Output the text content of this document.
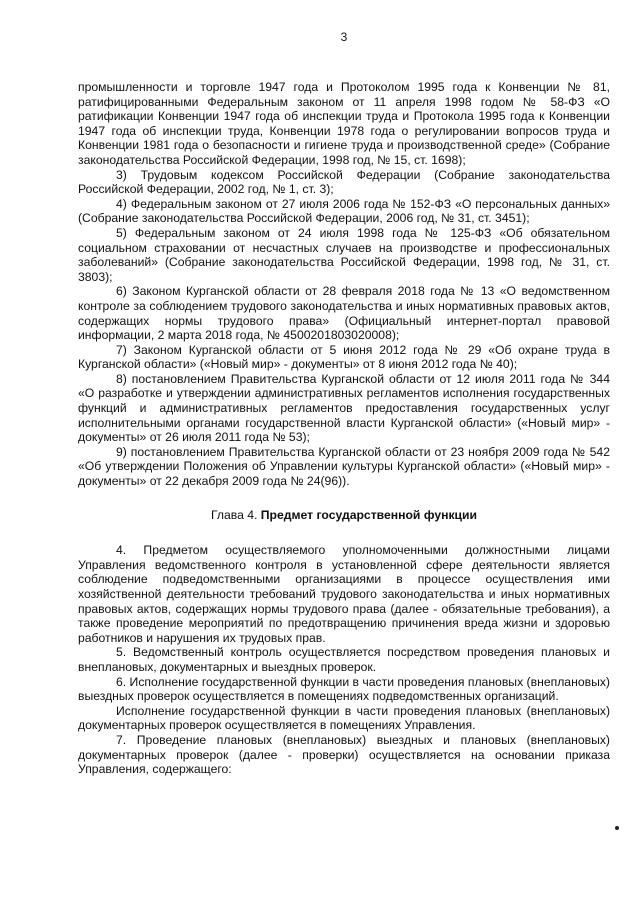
3

промышленности и торговле 1947 года и Протоколом 1995 года к Конвенции № 81, ратифицированными Федеральным законом от 11 апреля 1998 годом № 58-ФЗ «О ратификации Конвенции 1947 года об инспекции труда и Протокола 1995 года к Конвенции 1947 года об инспекции труда, Конвенции 1978 года о регулировании вопросов труда и Конвенции 1981 года о безопасности и гигиене труда и производственной среде» (Собрание законодательства Российской Федерации, 1998 год, № 15, ст. 1698);

3) Трудовым кодексом Российской Федерации (Собрание законодательства Российской Федерации, 2002 год, № 1, ст. 3);

4) Федеральным законом от 27 июля 2006 года № 152-ФЗ «О персональных данных» (Собрание законодательства Российской Федерации, 2006 год, № 31, ст. 3451);

5) Федеральным законом от 24 июля 1998 года № 125-ФЗ «Об обязательном социальном страховании от несчастных случаев на производстве и профессиональных заболеваний» (Собрание законодательства Российской Федерации, 1998 год, № 31, ст. 3803);

6) Законом Курганской области от 28 февраля 2018 года № 13 «О ведомственном контроле за соблюдением трудового законодательства и иных нормативных правовых актов, содержащих нормы трудового права» (Официальный интернет-портал правовой информации, 2 марта 2018 года, № 4500201803020008);

7) Законом Курганской области от 5 июня 2012 года № 29 «Об охране труда в Курганской области» («Новый мир» - документы» от 8 июня 2012 года № 40);

8) постановлением Правительства Курганской области от 12 июля 2011 года № 344 «О разработке и утверждении административных регламентов исполнения государственных функций и административных регламентов предоставления государственных услуг исполнительными органами государственной власти Курганской области» («Новый мир» - документы» от 26 июля 2011 года № 53);

9) постановлением Правительства Курганской области от 23 ноября 2009 года № 542 «Об утверждении Положения об Управлении культуры Курганской области» («Новый мир» - документы» от 22 декабря 2009 года № 24(96)).

Глава 4. Предмет государственной функции

4. Предметом осуществляемого уполномоченными должностными лицами Управления ведомственного контроля в установленной сфере деятельности является соблюдение подведомственными организациями в процессе осуществления ими хозяйственной деятельности требований трудового законодательства и иных нормативных правовых актов, содержащих нормы трудового права (далее - обязательные требования), а также проведение мероприятий по предотвращению причинения вреда жизни и здоровью работников и нарушения их трудовых прав.

5. Ведомственный контроль осуществляется посредством проведения плановых и внеплановых, документарных и выездных проверок.

6. Исполнение государственной функции в части проведения плановых (внеплановых) выездных проверок осуществляется в помещениях подведомственных организаций.

Исполнение государственной функции в части проведения плановых (внеплановых) документарных проверок осуществляется в помещениях Управления.

7. Проведение плановых (внеплановых) выездных и плановых (внеплановых) документарных проверок (далее - проверки) осуществляется на основании приказа Управления, содержащего:
